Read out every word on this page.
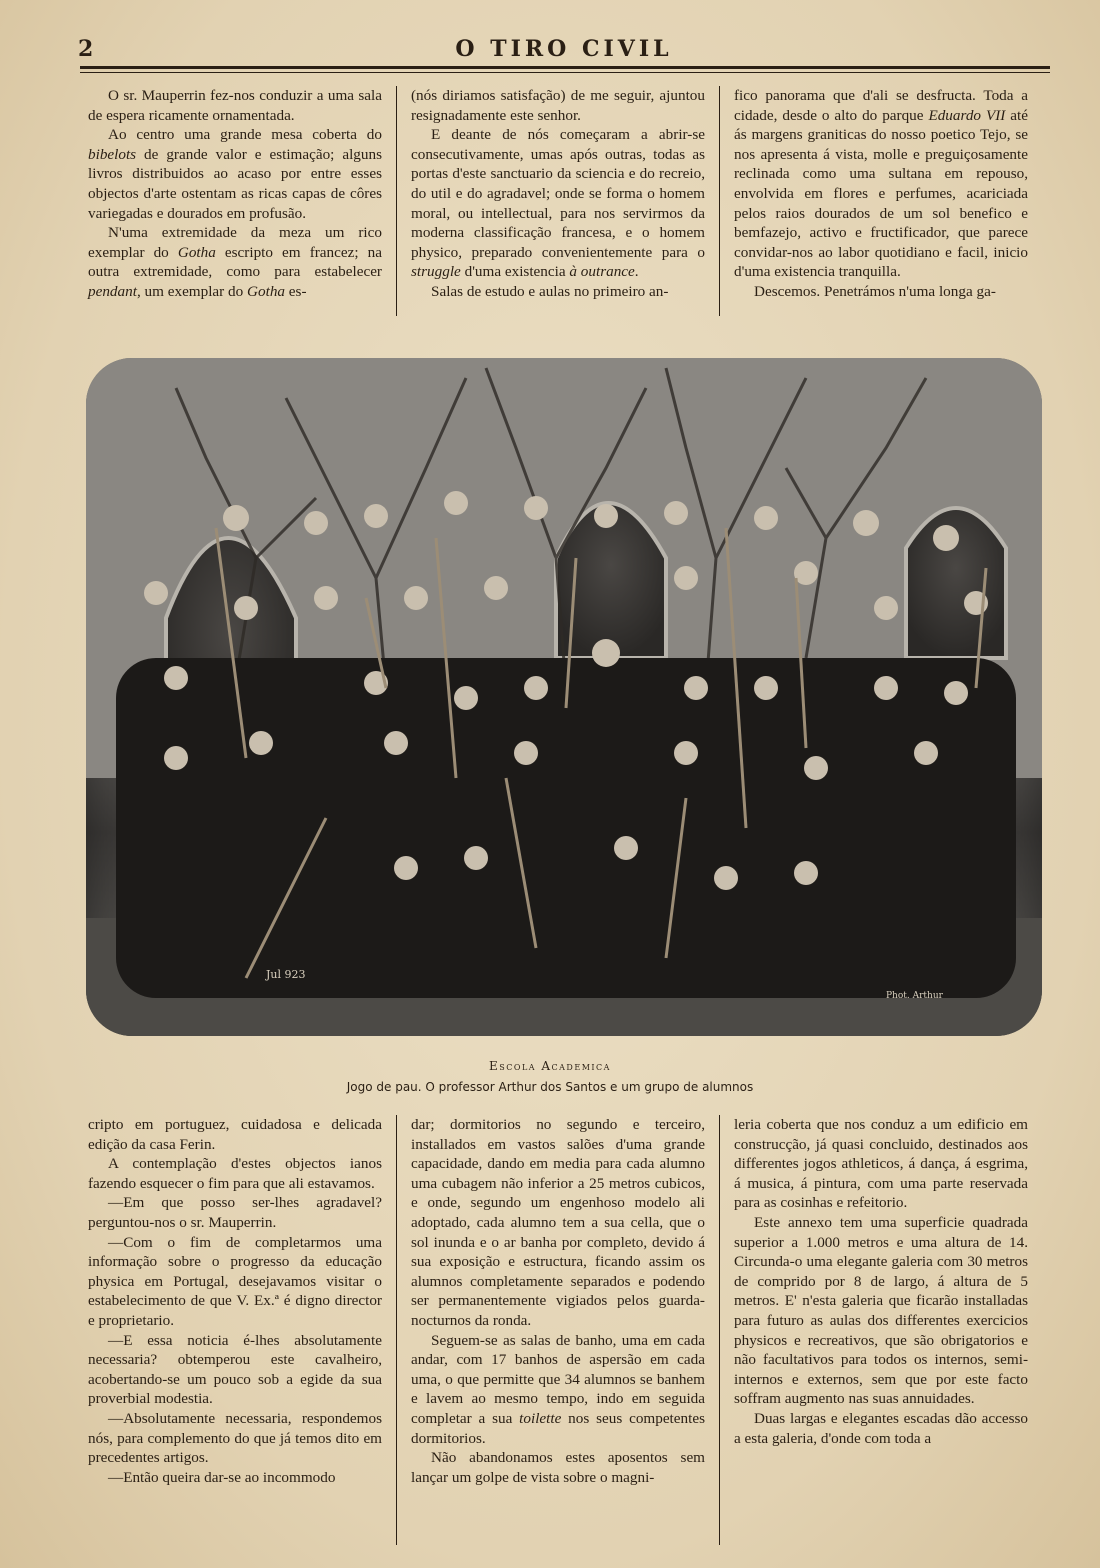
2	O TIRO CIVIL

O sr. Mauperrin fez-nos conduzir a uma sala de espera ricamente ornamentada.

Ao centro uma grande mesa coberta do bibelots de grande valor e estimação; alguns livros distribuidos ao acaso por entre esses objectos d'arte ostentam as ricas capas de côres variegadas e dourados em profusão.

N'uma extremidade da meza um rico exemplar do Gotha escripto em francez; na outra extremidade, como para estabelecer pendant, um exemplar do Gotha es-

(nós diriamos satisfação) de me seguir, ajuntou resignadamente este senhor.

E deante de nós começaram a abrir-se consecutivamente, umas após outras, todas as portas d'este sanctuario da sciencia e do recreio, do util e do agradavel; onde se forma o homem moral, ou intellectual, para nos servirmos da moderna classificação francesa, e o homem physico, preparado convenientemente para o struggle d'uma existencia à outrance.

Salas de estudo e aulas no primeiro an-

fico panorama que d'ali se desfructa. Toda a cidade, desde o alto do parque Eduardo VII até ás margens graniticas do nosso poetico Tejo, se nos apresenta á vista, molle e preguiçosamente reclinada como uma sultana em repouso, envolvida em flores e perfumes, acariciada pelos raios dourados de um sol benefico e bemfazejo, activo e fructificador, que parece convidar-nos ao labor quotidiano e facil, inicio d'uma existencia tranquilla.

Descemos. Penetrámos n'uma longa ga-

Jul 923
Phot. Arthur
Escola Academica
Jogo de pau. O professor Arthur dos Santos e um grupo de alumnos

cripto em portuguez, cuidadosa e delicada edição da casa Ferin.

A contemplação d'estes objectos ianos fazendo esquecer o fim para que ali estavamos.

—Em que posso ser-lhes agradavel? perguntou-nos o sr. Mauperrin.

—Com o fim de completarmos uma informação sobre o progresso da educação physica em Portugal, desejavamos visitar o estabelecimento de que V. Ex.ª é digno director e proprietario.

—E essa noticia é-lhes absolutamente necessaria? obtemperou este cavalheiro, acobertando-se um pouco sob a egide da sua proverbial modestia.

—Absolutamente necessaria, respondemos nós, para complemento do que já temos dito em precedentes artigos.

—Então queira dar-se ao incommodo

dar; dormitorios no segundo e terceiro, installados em vastos salões d'uma grande capacidade, dando em media para cada alumno uma cubagem não inferior a 25 metros cubicos, e onde, segundo um engenhoso modelo ali adoptado, cada alumno tem a sua cella, que o sol inunda e o ar banha por completo, devido á sua exposição e estructura, ficando assim os alumnos completamente separados e podendo ser permanentemente vigiados pelos guarda-nocturnos da ronda.

Seguem-se as salas de banho, uma em cada andar, com 17 banhos de aspersão em cada uma, o que permitte que 34 alumnos se banhem e lavem ao mesmo tempo, indo em seguida completar a sua toilette nos seus competentes dormitorios.

Não abandonamos estes aposentos sem lançar um golpe de vista sobre o magni-

leria coberta que nos conduz a um edificio em construcção, já quasi concluido, destinados aos differentes jogos athleticos, á dança, á esgrima, á musica, á pintura, com uma parte reservada para as cosinhas e refeitorio.

Este annexo tem uma superficie quadrada superior a 1.000 metros e uma altura de 14. Circunda-o uma elegante galeria com 30 metros de comprido por 8 de largo, á altura de 5 metros. E' n'esta galeria que ficarão installadas para futuro as aulas dos differentes exercicios physicos e recreativos, que são obrigatorios e não facultativos para todos os internos, semi-internos e externos, sem que por este facto soffram augmento nas suas annuidades.

Duas largas e elegantes escadas dão accesso a esta galeria, d'onde com toda a
